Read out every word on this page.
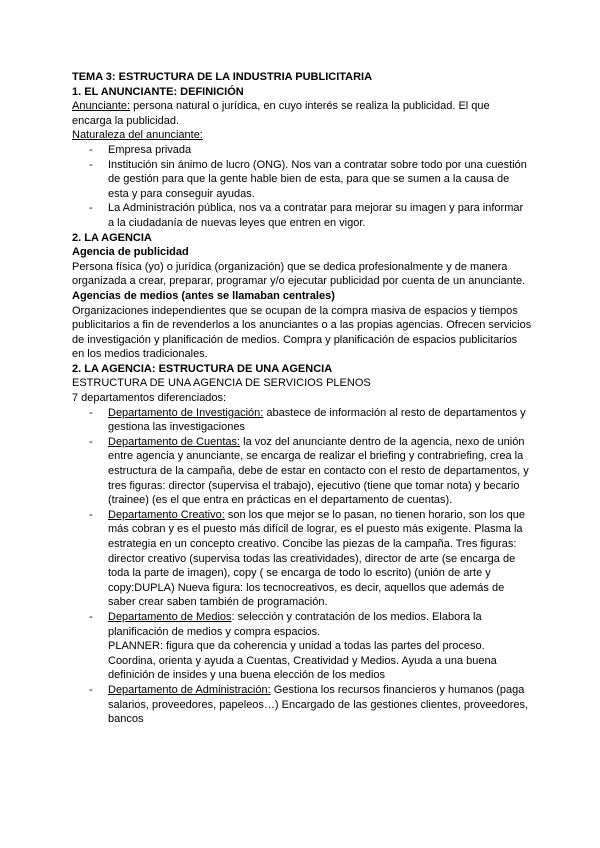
TEMA 3: ESTRUCTURA DE LA INDUSTRIA PUBLICITARIA

1. EL ANUNCIANTE: DEFINICIÓN

Anunciante: persona natural o jurídica, en cuyo interés se realiza la publicidad. El que encarga la publicidad.

Naturaleza del anunciante:

- Empresa privada
- Institución sin ánimo de lucro (ONG). Nos van a contratar sobre todo por una cuestión de gestión para que la gente hable bien de esta, para que se sumen a la causa de esta y para conseguir ayudas.
- La Administración pública, nos va a contratar para mejorar su imagen y para informar a la ciudadanía de nuevas leyes que entren en vigor.

2. LA AGENCIA

Agencia de publicidad

Persona física (yo) o jurídica (organización) que se dedica profesionalmente y de manera organizada a crear, preparar, programar y/o ejecutar publicidad por cuenta de un anunciante.

Agencias de medios (antes se llamaban centrales)

Organizaciones independientes que se ocupan de la compra masiva de espacios y tiempos publicitarios a fin de revenderlos a los anunciantes o a las propias agencias. Ofrecen servicios de investigación y planificación de medios. Compra y planificación de espacios publicitarios en los medios tradicionales.

2. LA AGENCIA: ESTRUCTURA DE UNA AGENCIA

ESTRUCTURA DE UNA AGENCIA DE SERVICIOS PLENOS

7 departamentos diferenciados:

- Departamento de Investigación: abastece de información al resto de departamentos y gestiona las investigaciones
- Departamento de Cuentas: la voz del anunciante dentro de la agencia, nexo de unión entre agencia y anunciante, se encarga de realizar el briefing y contrabriefing, crea la estructura de la campaña, debe de estar en contacto con el resto de departamentos, y tres figuras: director (supervisa el trabajo), ejecutivo (tiene que tomar nota) y becario (trainee) (es el que entra en prácticas en el departamento de cuentas).
- Departamento Creativo: son los que mejor se lo pasan, no tienen horario, son los que más cobran y es el puesto más difícil de lograr, es el puesto más exigente. Plasma la estrategia en un concepto creativo. Concibe las piezas de la campaña. Tres figuras: director creativo (supervisa todas las creatividades), director de arte (se encarga de toda la parte de imagen), copy ( se encarga de todo lo escrito) (unión de arte y copy:DUPLA) Nueva figura: los tecnocreativos, es decir, aquellos que además de saber crear saben también de programación.
- Departamento de Medios: selección y contratación de los medios. Elabora la planificación de medios y compra espacios.
PLANNER: figura que da coherencia y unidad a todas las partes del proceso. Coordina, orienta y ayuda a Cuentas, Creatividad y Medios. Ayuda a una buena definición de insides y una buena elección de los medios
- Departamento de Administración: Gestiona los recursos financieros y humanos (paga salarios, proveedores, papeleos…) Encargado de las gestiones clientes, proveedores, bancos
